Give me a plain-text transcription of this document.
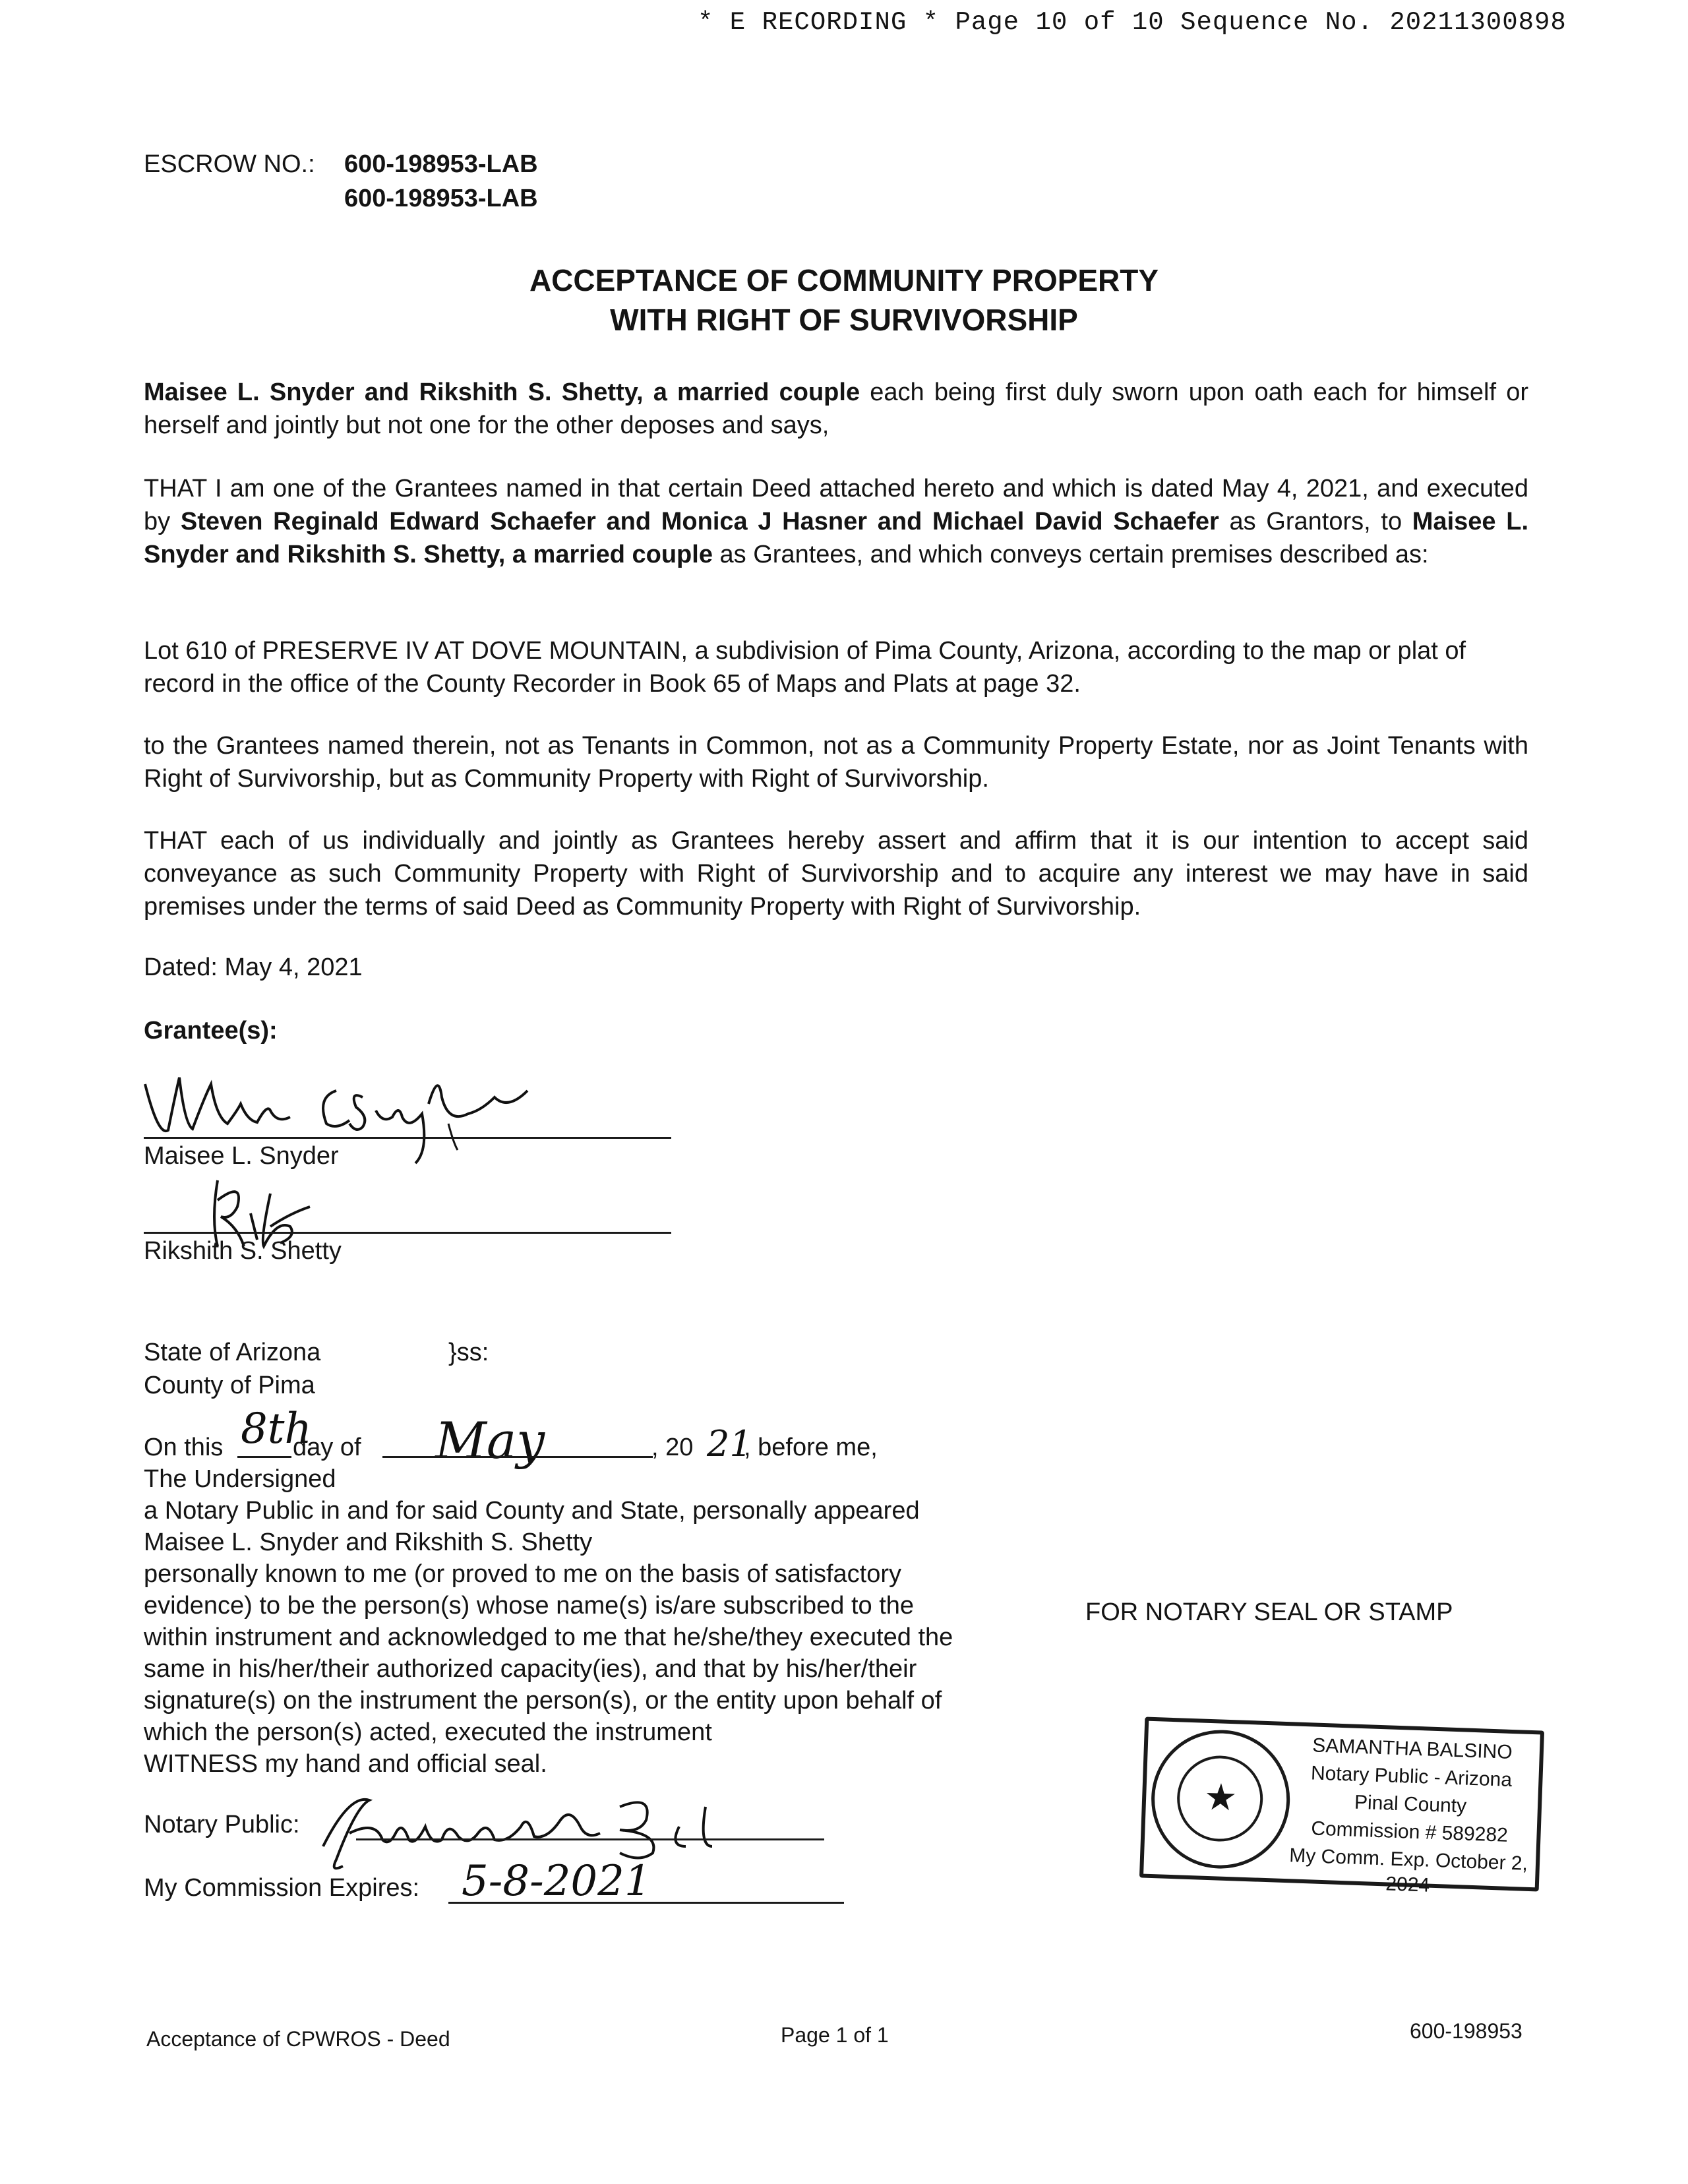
* E RECORDING * Page 10 of 10 Sequence No. 20211300898
ESCROW NO.: 600-198953-LAB
600-198953-LAB
ACCEPTANCE OF COMMUNITY PROPERTY
WITH RIGHT OF SURVIVORSHIP
Maisee L. Snyder and Rikshith S. Shetty, a married couple each being first duly sworn upon oath each for himself or herself and jointly but not one for the other deposes and says,
THAT I am one of the Grantees named in that certain Deed attached hereto and which is dated May 4, 2021, and executed by Steven Reginald Edward Schaefer and Monica J Hasner and Michael David Schaefer as Grantors, to Maisee L. Snyder and Rikshith S. Shetty, a married couple as Grantees, and which conveys certain premises described as:
Lot 610 of PRESERVE IV AT DOVE MOUNTAIN, a subdivision of Pima County, Arizona, according to the map or plat of record in the office of the County Recorder in Book 65 of Maps and Plats at page 32.
to the Grantees named therein, not as Tenants in Common, not as a Community Property Estate, nor as Joint Tenants with Right of Survivorship, but as Community Property with Right of Survivorship.
THAT each of us individually and jointly as Grantees hereby assert and affirm that it is our intention to accept said conveyance as such Community Property with Right of Survivorship and to acquire any interest we may have in said premises under the terms of said Deed as Community Property with Right of Survivorship.
Dated: May 4, 2021
Grantee(s):
Maisee L. Snyder
Rikshith S. Shetty
State of Arizona	}ss:
County of Pima
On this 8th
day of May	, 20 21
, before me,
The Undersigned
a Notary Public in and for said County and State, personally appeared
Maisee L. Snyder and Rikshith S. Shetty
personally known to me (or proved to me on the basis of satisfactory
evidence) to be the person(s) whose name(s) is/are subscribed to the
within instrument and acknowledged to me that he/she/they executed the
same in his/her/their authorized capacity(ies), and that by his/her/their
signature(s) on the instrument the person(s), or the entity upon behalf of
which the person(s) acted, executed the instrument
WITNESS my hand and official seal.
Notary Public:
My Commission Expires: 5-8-2021
FOR NOTARY SEAL OR STAMP
★
SAMANTHA BALSINO
Notary Public - Arizona
Pinal County
Commission # 589282
My Comm. Exp. October 2, 2024
Acceptance of CPWROS - Deed	Page 1 of 1	600-198953
